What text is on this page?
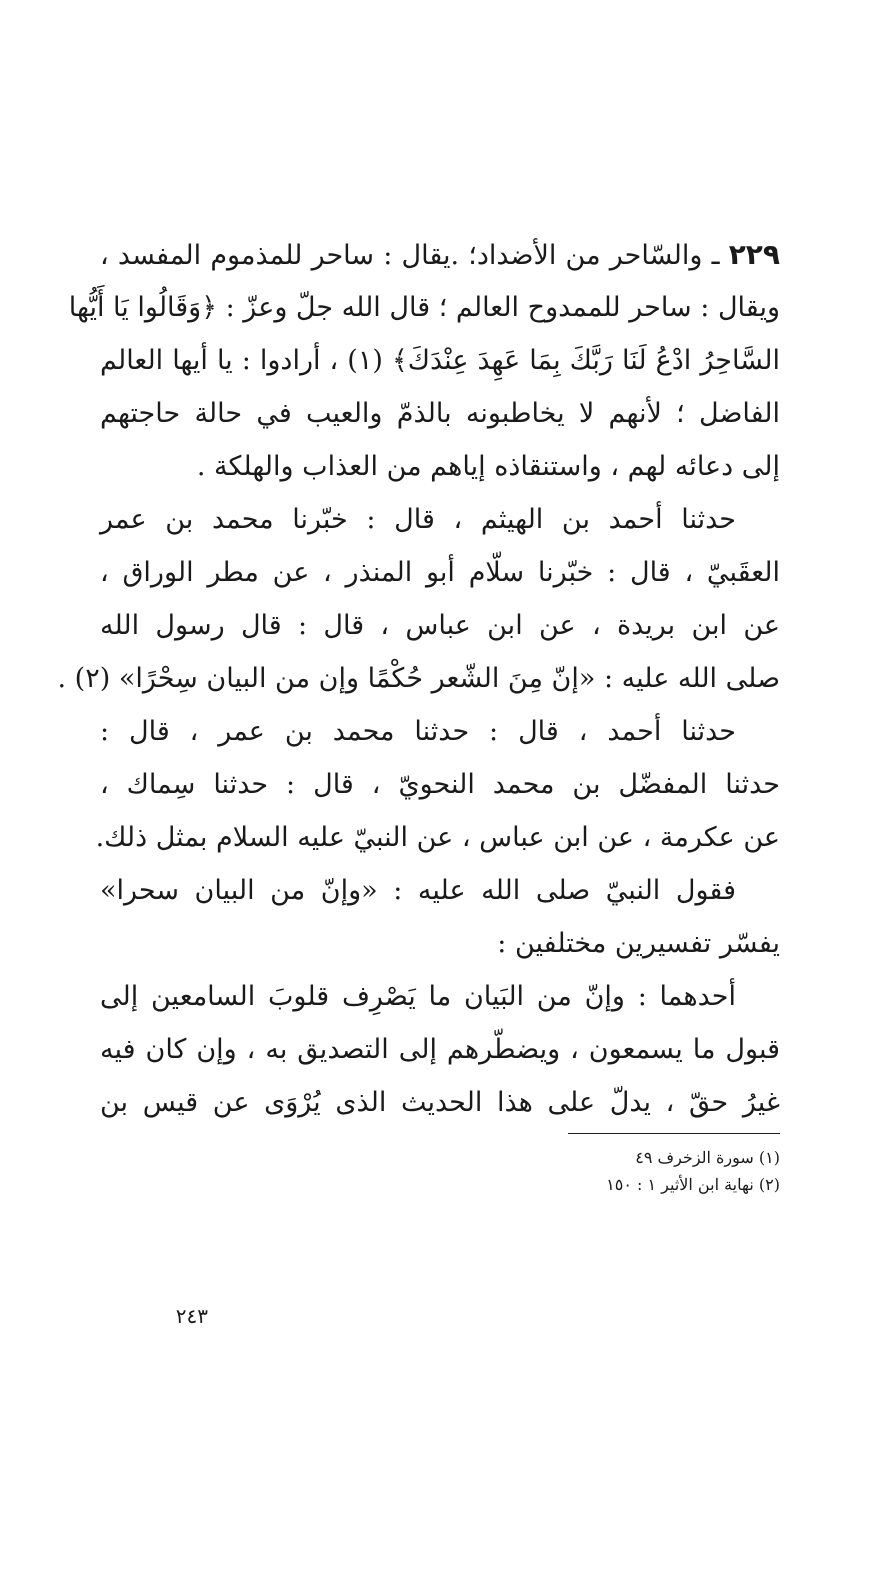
٢٢٩ ـ والسّاحر من الأضداد؛ .يقال : ساحر للمذموم المفسد ،
ويقال : ساحر للممدوح العالم ؛ قال الله جلّ وعزّ : ﴿وَقَالُوا يَا أَيُّها
السَّاحِرُ ادْعُ لَنَا رَبَّكَ بِمَا عَهِدَ عِنْدَكَ﴾ (١) ، أرادوا : يا أيها العالم
الفاضل ؛ لأنهم لا يخاطبونه بالذمّ والعيب في حالة حاجتهم
إلى دعائه لهم ، واستنقاذه إياهم من العذاب والهلكة .
حدثنا أحمد بن الهيثم ، قال : خبّرنا محمد بن عمر
العقَبيّ ، قال : خبّرنا سلّام أبو المنذر ، عن مطر الوراق ،
عن ابن بريدة ، عن ابن عباس ، قال : قال رسول الله
صلى الله عليه : «إنّ مِنَ الشّعر حُكْمًا وإن من البيان سِحْرًا» (٢) .
حدثنا أحمد ، قال : حدثنا محمد بن عمر ، قال :
حدثنا المفضّل بن محمد النحويّ ، قال : حدثنا سِماك ،
عن عكرمة ، عن ابن عباس ، عن النبيّ عليه السلام بمثل ذلك.
فقول النبيّ صلى الله عليه : «وإنّ من البيان سحرا»
يفسّر تفسيرين مختلفين :
أحدهما : وإنّ من البَيان ما يَصْرِف قلوبَ السامعين إلى
قبول ما يسمعون ، ويضطّرهم إلى التصديق به ، وإن كان فيه
غيرُ حقّ ، يدلّ على هذا الحديث الذى يُرْوَى عن قيس بن
(١) سورة الزخرف ٤٩
(٢) نهاية ابن الأثير ١ : ١٥٠
٢٤٣
